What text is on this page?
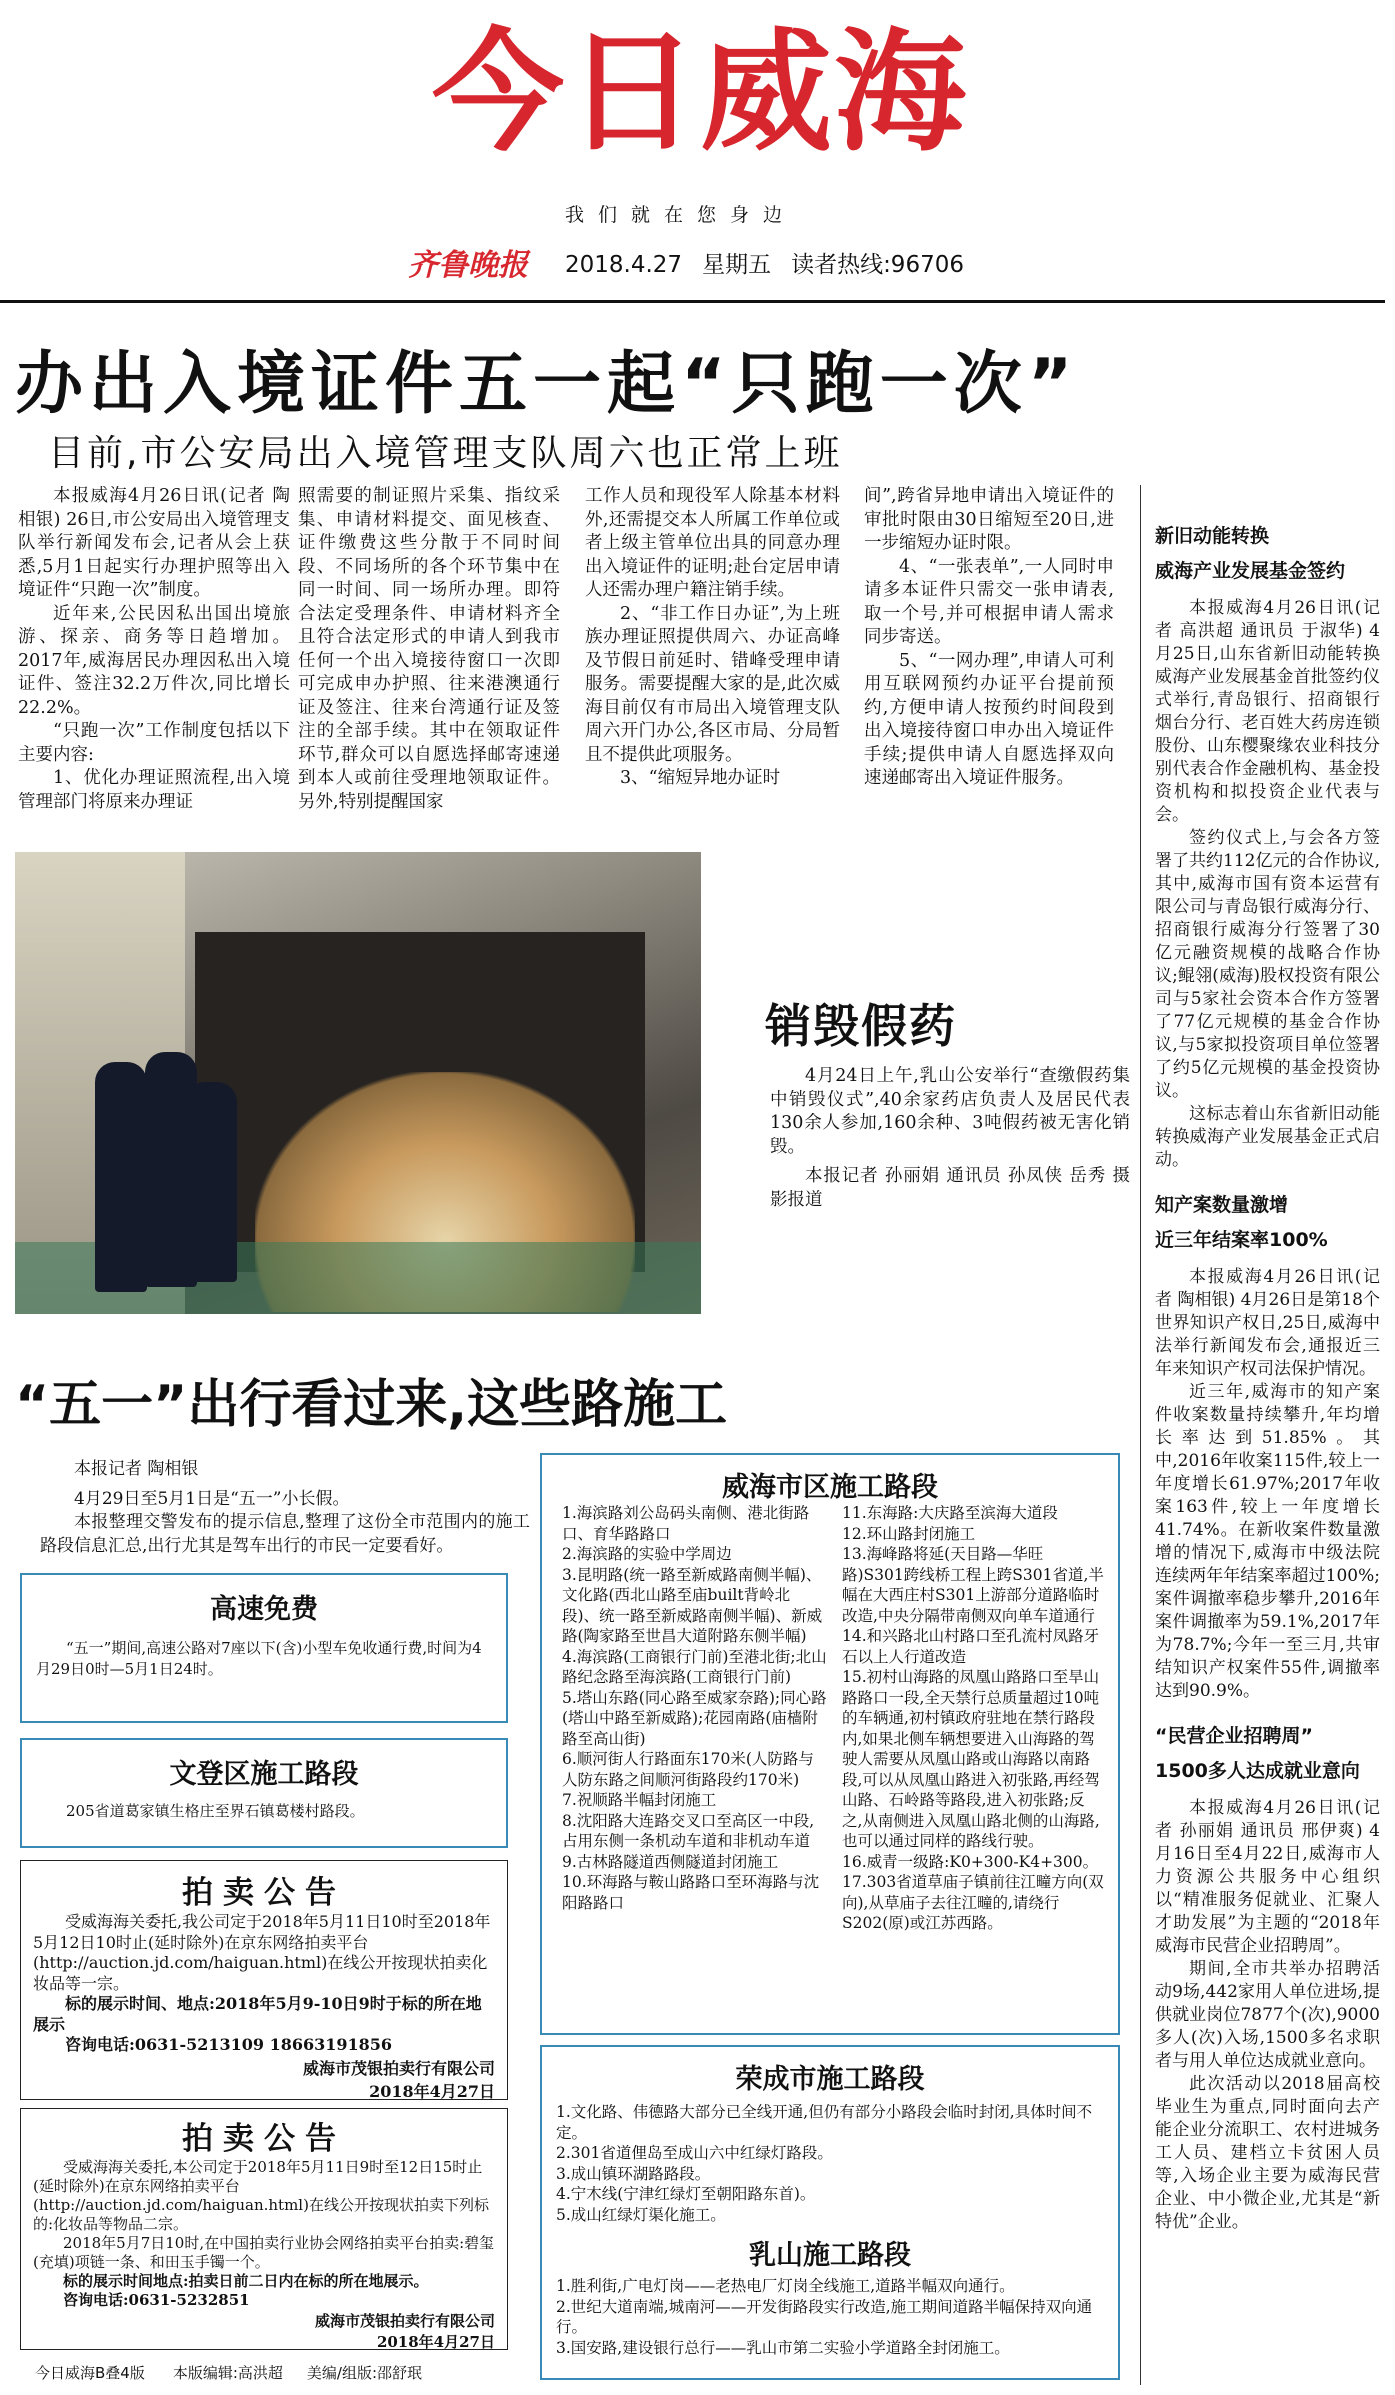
今日威海
我们就在您身边
齐鲁晚报 2018.4.27 星期五 读者热线:96706
办出入境证件五一起“只跑一次”
目前,市公安局出入境管理支队周六也正常上班

本报威海4月26日讯(记者 陶相银) 26日,市公安局出入境管理支队举行新闻发布会,记者从会上获悉,5月1日起实行办理护照等出入境证件“只跑一次”制度。

近年来,公民因私出国出境旅游、探亲、商务等日趋增加。2017年,威海居民办理因私出入境证件、签注32.2万件次,同比增长22.2%。

“只跑一次”工作制度包括以下主要内容:

1、优化办理证照流程,出入境管理部门将原来办理证

照需要的制证照片采集、指纹采集、申请材料提交、面见核查、证件缴费这些分散于不同时间段、不同场所的各个环节集中在同一时间、同一场所办理。即符合法定受理条件、申请材料齐全且符合法定形式的申请人到我市任何一个出入境接待窗口一次即可完成申办护照、往来港澳通行证及签注、往来台湾通行证及签注的全部手续。其中在领取证件环节,群众可以自愿选择邮寄速递到本人或前往受理地领取证件。另外,特别提醒国家

工作人员和现役军人除基本材料外,还需提交本人所属工作单位或者上级主管单位出具的同意办理出入境证件的证明;赴台定居申请人还需办理户籍注销手续。

2、“非工作日办证”,为上班族办理证照提供周六、办证高峰及节假日前延时、错峰受理申请服务。需要提醒大家的是,此次威海目前仅有市局出入境管理支队周六开门办公,各区市局、分局暂且不提供此项服务。

3、“缩短异地办证时

间”,跨省异地申请出入境证件的审批时限由30日缩短至20日,进一步缩短办证时限。

4、“一张表单”,一人同时申请多本证件只需交一张申请表,取一个号,并可根据申请人需求同步寄送。

5、“一网办理”,申请人可利用互联网预约办证平台提前预约,方便申请人按预约时间段到出入境接待窗口申办出入境证件手续;提供申请人自愿选择双向速递邮寄出入境证件服务。

销毁假药

4月24日上午,乳山公安举行“查缴假药集中销毁仪式”,40余家药店负责人及居民代表130余人参加,160余种、3吨假药被无害化销毁。

本报记者 孙丽娟 通讯员 孙凤侠 岳秀 摄影报道

新旧动能转换
威海产业发展基金签约

本报威海4月26日讯(记者 高洪超 通讯员 于淑华) 4月25日,山东省新旧动能转换威海产业发展基金首批签约仪式举行,青岛银行、招商银行烟台分行、老百姓大药房连锁股份、山东樱聚缘农业科技分别代表合作金融机构、基金投资机构和拟投资企业代表与会。

签约仪式上,与会各方签署了共约112亿元的合作协议,其中,威海市国有资本运营有限公司与青岛银行威海分行、招商银行威海分行签署了30亿元融资规模的战略合作协议;鲲翎(威海)股权投资有限公司与5家社会资本合作方签署了77亿元规模的基金合作协议,与5家拟投资项目单位签署了约5亿元规模的基金投资协议。

这标志着山东省新旧动能转换威海产业发展基金正式启动。

知产案数量激增
近三年结案率100%

本报威海4月26日讯(记者 陶相银) 4月26日是第18个世界知识产权日,25日,威海中法举行新闻发布会,通报近三年来知识产权司法保护情况。

近三年,威海市的知产案件收案数量持续攀升,年均增长率达到51.85%。其中,2016年收案115件,较上一年度增长61.97%;2017年收案163件,较上一年度增长41.74%。在新收案件数量激增的情况下,威海市中级法院连续两年年结案率超过100%;案件调撤率稳步攀升,2016年案件调撤率为59.1%,2017年为78.7%;今年一至三月,共审结知识产权案件55件,调撤率达到90.9%。

“民营企业招聘周”
1500多人达成就业意向

本报威海4月26日讯(记者 孙丽娟 通讯员 邢伊爽) 4月16日至4月22日,威海市人力资源公共服务中心组织以“精准服务促就业、汇聚人才助发展”为主题的“2018年威海市民营企业招聘周”。

期间,全市共举办招聘活动9场,442家用人单位进场,提供就业岗位7877个(次),9000多人(次)入场,1500多名求职者与用人单位达成就业意向。

此次活动以2018届高校毕业生为重点,同时面向去产能企业分流职工、农村进城务工人员、建档立卡贫困人员等,入场企业主要为威海民营企业、中小微企业,尤其是“新特优”企业。

“五一”出行看过来,这些路施工
本报记者 陶相银

4月29日至5月1日是“五一”小长假。

本报整理交警发布的提示信息,整理了这份全市范围内的施工路段信息汇总,出行尤其是驾车出行的市民一定要看好。

高速免费
“五一”期间,高速公路对7座以下(含)小型车免收通行费,时间为4月29日0时—5月1日24时。
文登区施工路段
205省道葛家镇生格庄至界石镇葛楼村路段。
威海市区施工路段
1.海滨路刘公岛码头南侧、港北街路口、育华路路口
2.海滨路的实验中学周边
3.昆明路(统一路至新威路南侧半幅)、文化路(西北山路至庙built背岭北段)、统一路至新威路南侧半幅)、新威路(陶家路至世昌大道附路东侧半幅)
4.海滨路(工商银行门前)至港北街;北山路纪念路至海滨路(工商银行门前)
5.塔山东路(同心路至威家奈路);同心路(塔山中路至新威路);花园南路(庙樯附路至高山街)
6.顺河街人行路面东170米(人防路与人防东路之间顺河街路段约170米)
7.祝顺路半幅封闭施工
8.沈阳路大连路交叉口至高区一中段,占用东侧一条机动车道和非机动车道
9.古林路隧道西侧隧道封闭施工
10.环海路与鞍山路路口至环海路与沈阳路路口
11.东海路:大庆路至滨海大道段
12.环山路封闭施工
13.海峰路将延(天目路—华旺路)S301跨线桥工程上跨S301省道,半幅在大西庄村S301上游部分道路临时改造,中央分隔带南侧双向单车道通行
14.和兴路北山村路口至孔流村凤路牙石以上人行道改造
15.初村山海路的凤凰山路路口至旱山路路口一段,全天禁行总质量超过10吨的车辆通,初村镇政府驻地在禁行路段内,如果北侧车辆想要进入山海路的驾驶人需要从凤凰山路或山海路以南路段,可以从凤凰山路进入初张路,再经驾山路、石岭路等路段,进入初张路;反之,从南侧进入凤凰山路北侧的山海路,也可以通过同样的路线行驶。
16.威青一级路:K0+300-K4+300。
17.303省道草庙子镇前往江疃方向(双向),从草庙子去往江疃的,请绕行S202(原)或江苏西路。
荣成市施工路段
1.文化路、伟德路大部分已全线开通,但仍有部分小路段会临时封闭,具体时间不定。
2.301省道俚岛至成山六中红绿灯路段。
3.成山镇环湖路路段。
4.宁木线(宁津红绿灯至朝阳路东首)。
5.成山红绿灯渠化施工。
乳山施工路段
1.胜利街,广电灯岗——老热电厂灯岗全线施工,道路半幅双向通行。
2.世纪大道南端,城南河——开发街路段实行改造,施工期间道路半幅保持双向通行。
3.国安路,建设银行总行——乳山市第二实验小学道路全封闭施工。
拍卖公告
受威海海关委托,我公司定于2018年5月11日10时至2018年5月12日10时止(延时除外)在京东网络拍卖平台(http://auction.jd.com/haiguan.html)在线公开按现状拍卖化妆品等一宗。
标的展示时间、地点:2018年5月9-10日9时于标的所在地展示
咨询电话:0631-5213109 18663191856
威海市茂银拍卖行有限公司
2018年4月27日
拍卖公告
受威海海关委托,本公司定于2018年5月11日9时至12日15时止(延时除外)在京东网络拍卖平台(http://auction.jd.com/haiguan.html)在线公开按现状拍卖下列标的:化妆品等物品二宗。
2018年5月7日10时,在中国拍卖行业协会网络拍卖平台拍卖:碧玺(充填)项链一条、和田玉手镯一个。
标的展示时间地点:拍卖日前二日内在标的所在地展示。
咨询电话:0631-5232851
威海市茂银拍卖行有限公司
2018年4月27日
今日威海B叠4版 本版编辑:高洪超 美编/组版:邵舒珉
